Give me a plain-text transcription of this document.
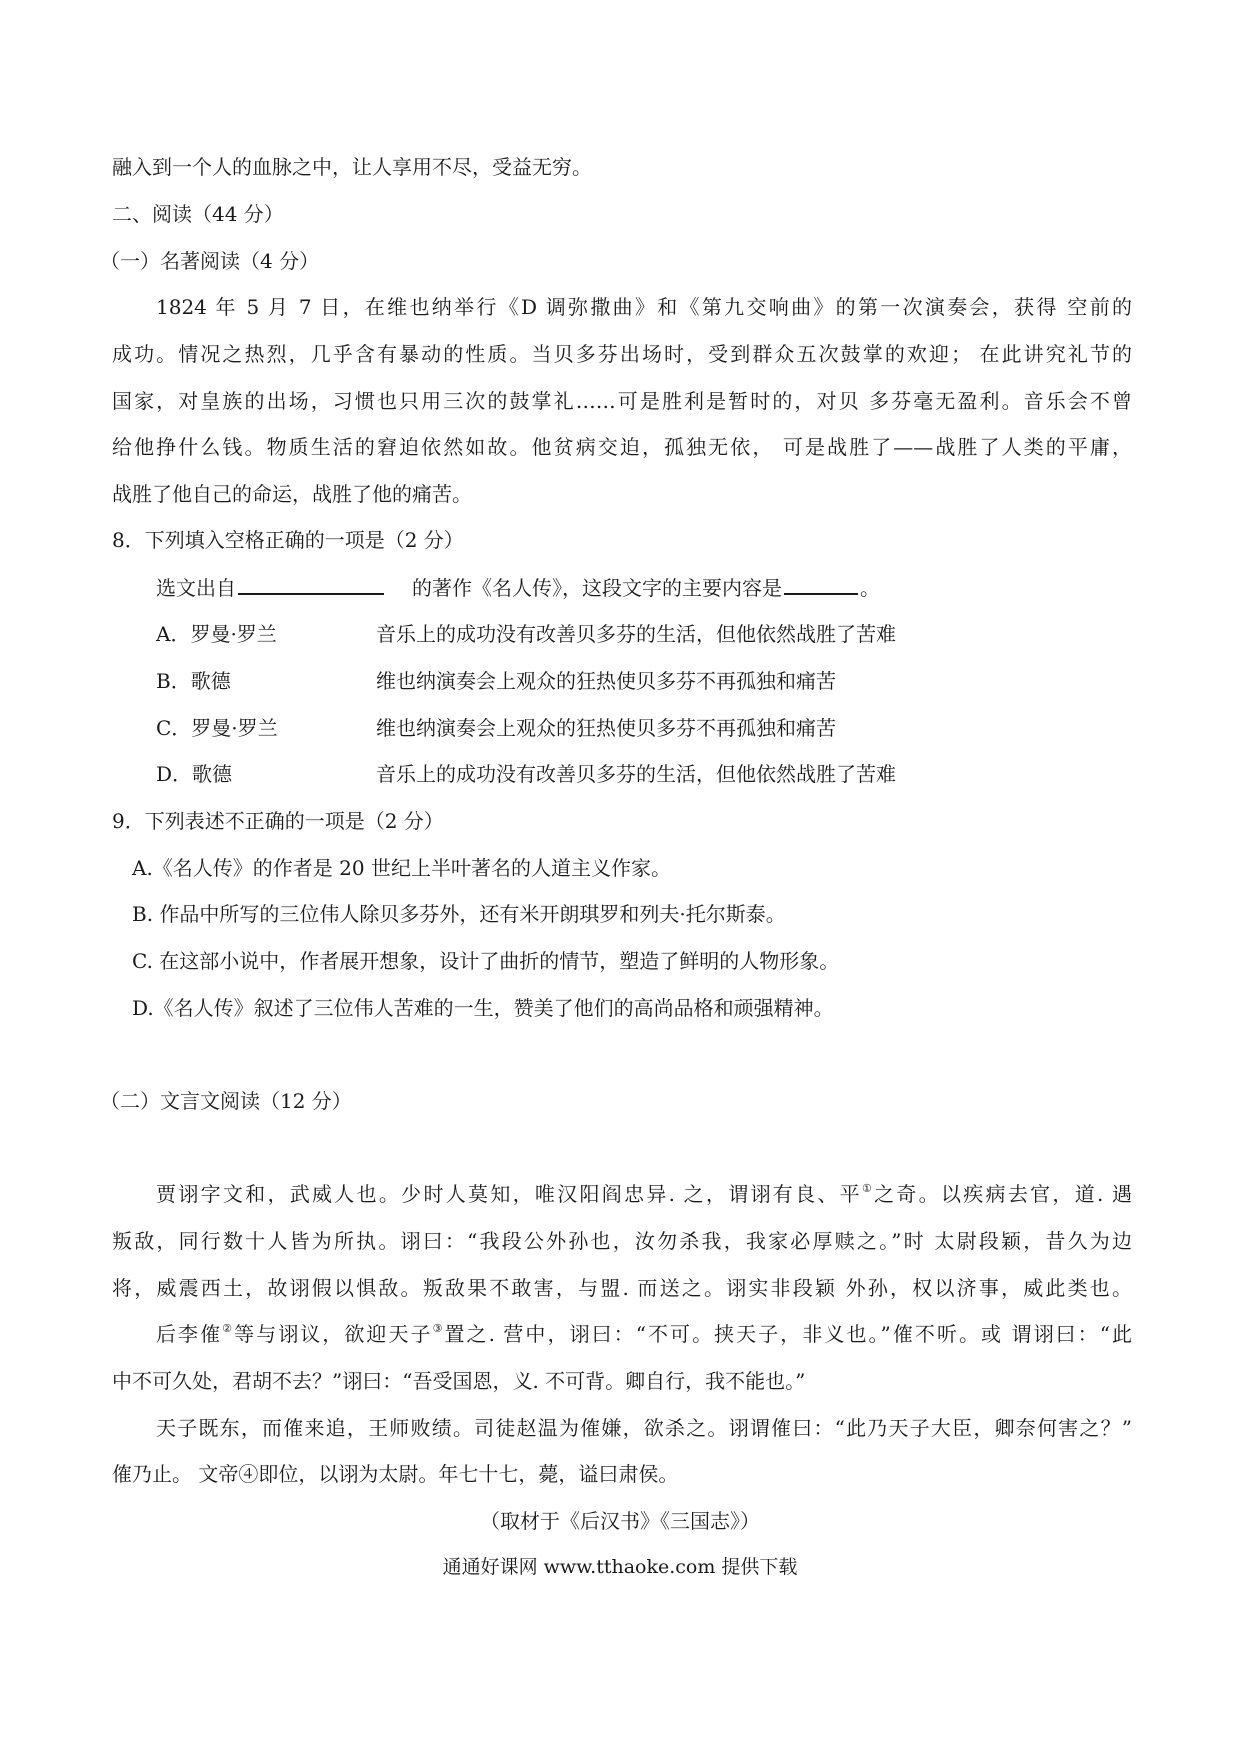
融入到一个人的血脉之中，让人享用不尽，受益无穷。
二、阅读（44 分）
（一）名著阅读（4 分）
1824 年 5 月 7 日，在维也纳举行《D 调弥撒曲》和《第九交响曲》的第一次演奏会，获得 空前的
成功。情况之热烈，几乎含有暴动的性质。当贝多芬出场时，受到群众五次鼓掌的欢迎； 在此讲究礼节的
国家，对皇族的出场，习惯也只用三次的鼓掌礼……可是胜利是暂时的，对贝 多芬毫无盈利。音乐会不曾
给他挣什么钱。物质生活的窘迫依然如故。他贫病交迫，孤独无依， 可是战胜了——战胜了人类的平庸，
战胜了他自己的命运，战胜了他的痛苦。
8．下列填入空格正确的一项是（2 分）
选文出自	的著作《名人传》，这段文字的主要内容是	。
A．罗曼·罗兰	音乐上的成功没有改善贝多芬的生活，但他依然战胜了苦难
B．歌德	维也纳演奏会上观众的狂热使贝多芬不再孤独和痛苦
C．罗曼·罗兰	维也纳演奏会上观众的狂热使贝多芬不再孤独和痛苦
D．歌德	音乐上的成功没有改善贝多芬的生活，但他依然战胜了苦难
9．下列表述不正确的一项是（2 分）
A.《名人传》的作者是 20 世纪上半叶著名的人道主义作家。
B. 作品中所写的三位伟人除贝多芬外，还有米开朗琪罗和列夫·托尔斯泰。
C. 在这部小说中，作者展开想象，设计了曲折的情节，塑造了鲜明的人物形象。
D.《名人传》叙述了三位伟人苦难的一生，赞美了他们的高尚品格和顽强精神。
（二）文言文阅读（12 分）
贾诩字文和，武威人也。少时人莫知，唯汉阳阎忠异. 之，谓诩有良、平①之奇。以疾病去官，道. 遇
叛敌，同行数十人皆为所执。诩曰：“我段公外孙也，汝勿杀我，我家必厚赎之。”时 太尉段颖，昔久为边
将，威震西土，故诩假以惧敌。叛敌果不敢害，与盟. 而送之。诩实非段颖 外孙，权以济事，威此类也。
后李傕②等与诩议，欲迎天子③置之. 营中，诩曰：“不可。挟天子，非义也。”傕不听。或 谓诩曰：“此
中不可久处，君胡不去？”诩曰：“吾受国恩，义. 不可背。卿自行，我不能也。”
天子既东，而傕来追，王师败绩。司徒赵温为傕嫌，欲杀之。诩谓傕曰：“此乃天子大臣，卿奈何害之？”
傕乃止。 文帝④即位，以诩为太尉。年七十七，薨，谥曰肃侯。
（取材于《后汉书》《三国志》）
通通好课网 www.tthaoke.com 提供下载
